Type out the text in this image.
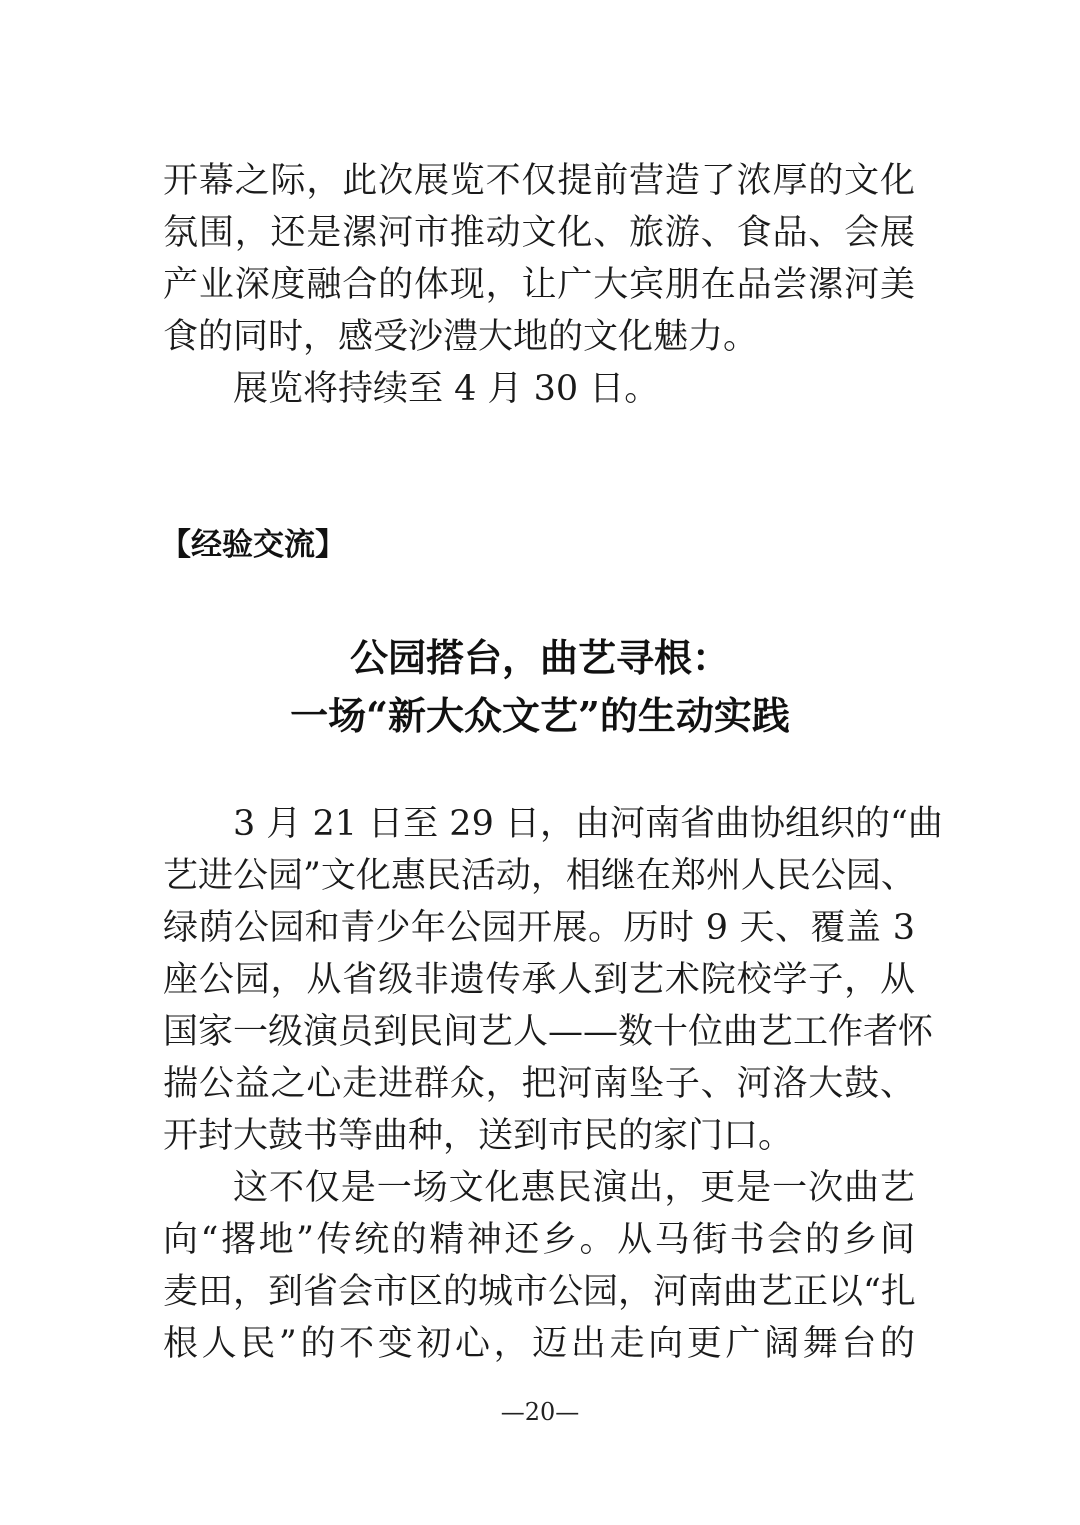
开幕之际，此次展览不仅提前营造了浓厚的文化
氛围，还是漯河市推动文化、旅游、食品、会展
产业深度融合的体现，让广大宾朋在品尝漯河美
食的同时，感受沙澧大地的文化魅力。
展览将持续至 4 月 30 日。
【经验交流】
公园搭台，曲艺寻根：
一场“新大众文艺”的生动实践
3 月 21 日至 29 日，由河南省曲协组织的“曲
艺进公园”文化惠民活动，相继在郑州人民公园、
绿荫公园和青少年公园开展。历时 9 天、覆盖 3
座公园，从省级非遗传承人到艺术院校学子，从
国家一级演员到民间艺人——数十位曲艺工作者怀
揣公益之心走进群众，把河南坠子、河洛大鼓、
开封大鼓书等曲种，送到市民的家门口。
这不仅是一场文化惠民演出，更是一次曲艺
向“撂地”传统的精神还乡。从马街书会的乡间
麦田，到省会市区的城市公园，河南曲艺正以“扎
根人民”的不变初心，迈出走向更广阔舞台的
—20—
